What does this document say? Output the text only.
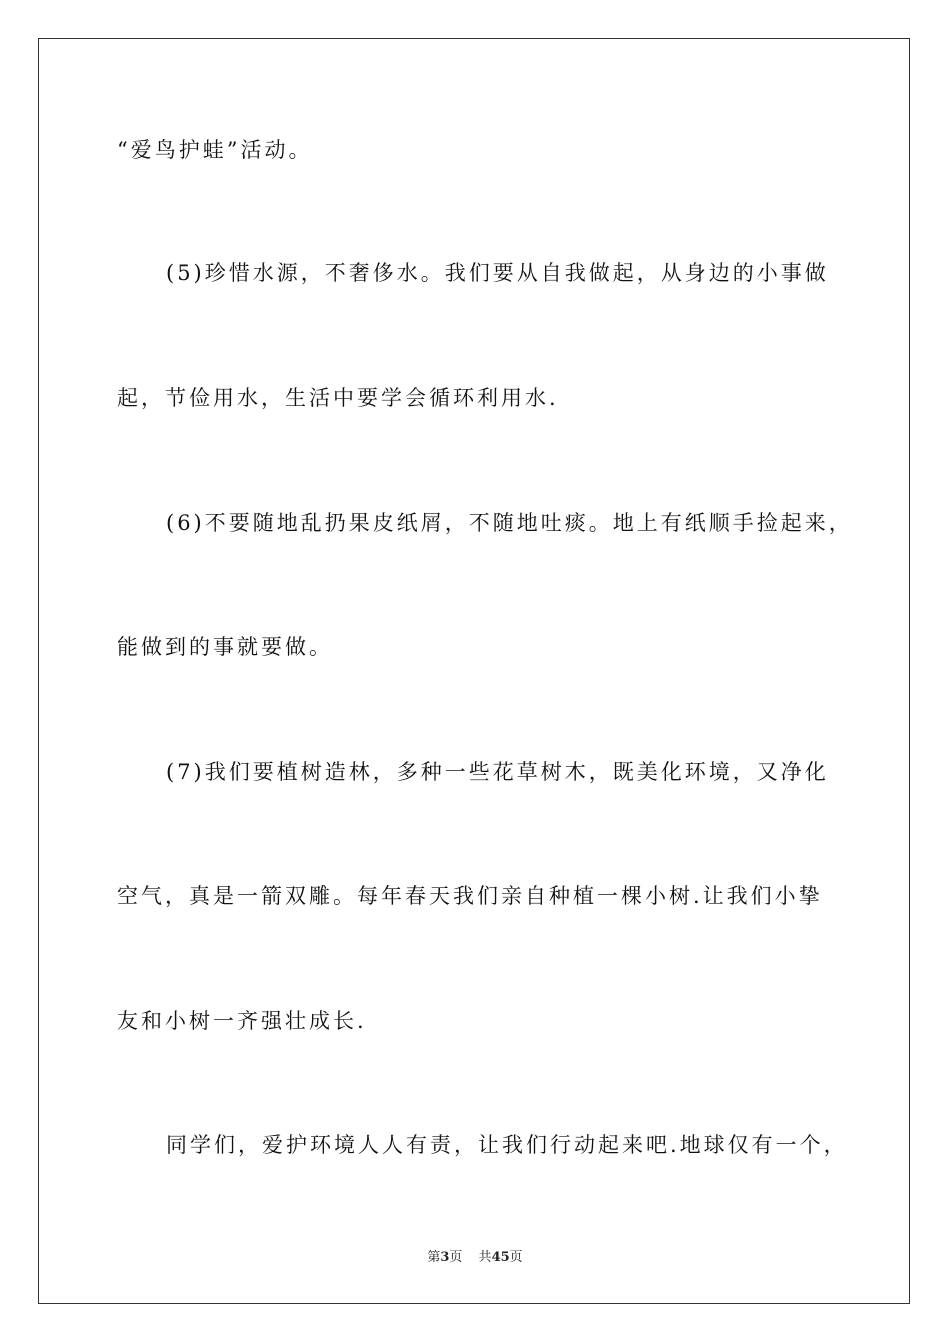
“爱鸟护蛙”活动。
(5)珍惜水源，不奢侈水。我们要从自我做起，从身边的小事做
起，节俭用水，生活中要学会循环利用水.
(6)不要随地乱扔果皮纸屑，不随地吐痰。地上有纸顺手捡起来，
能做到的事就要做。
(7)我们要植树造林，多种一些花草树木，既美化环境，又净化
空气，真是一箭双雕。每年春天我们亲自种植一棵小树.让我们小挚
友和小树一齐强壮成长.
同学们，爱护环境人人有责，让我们行动起来吧.地球仅有一个，
第3页 共45页
